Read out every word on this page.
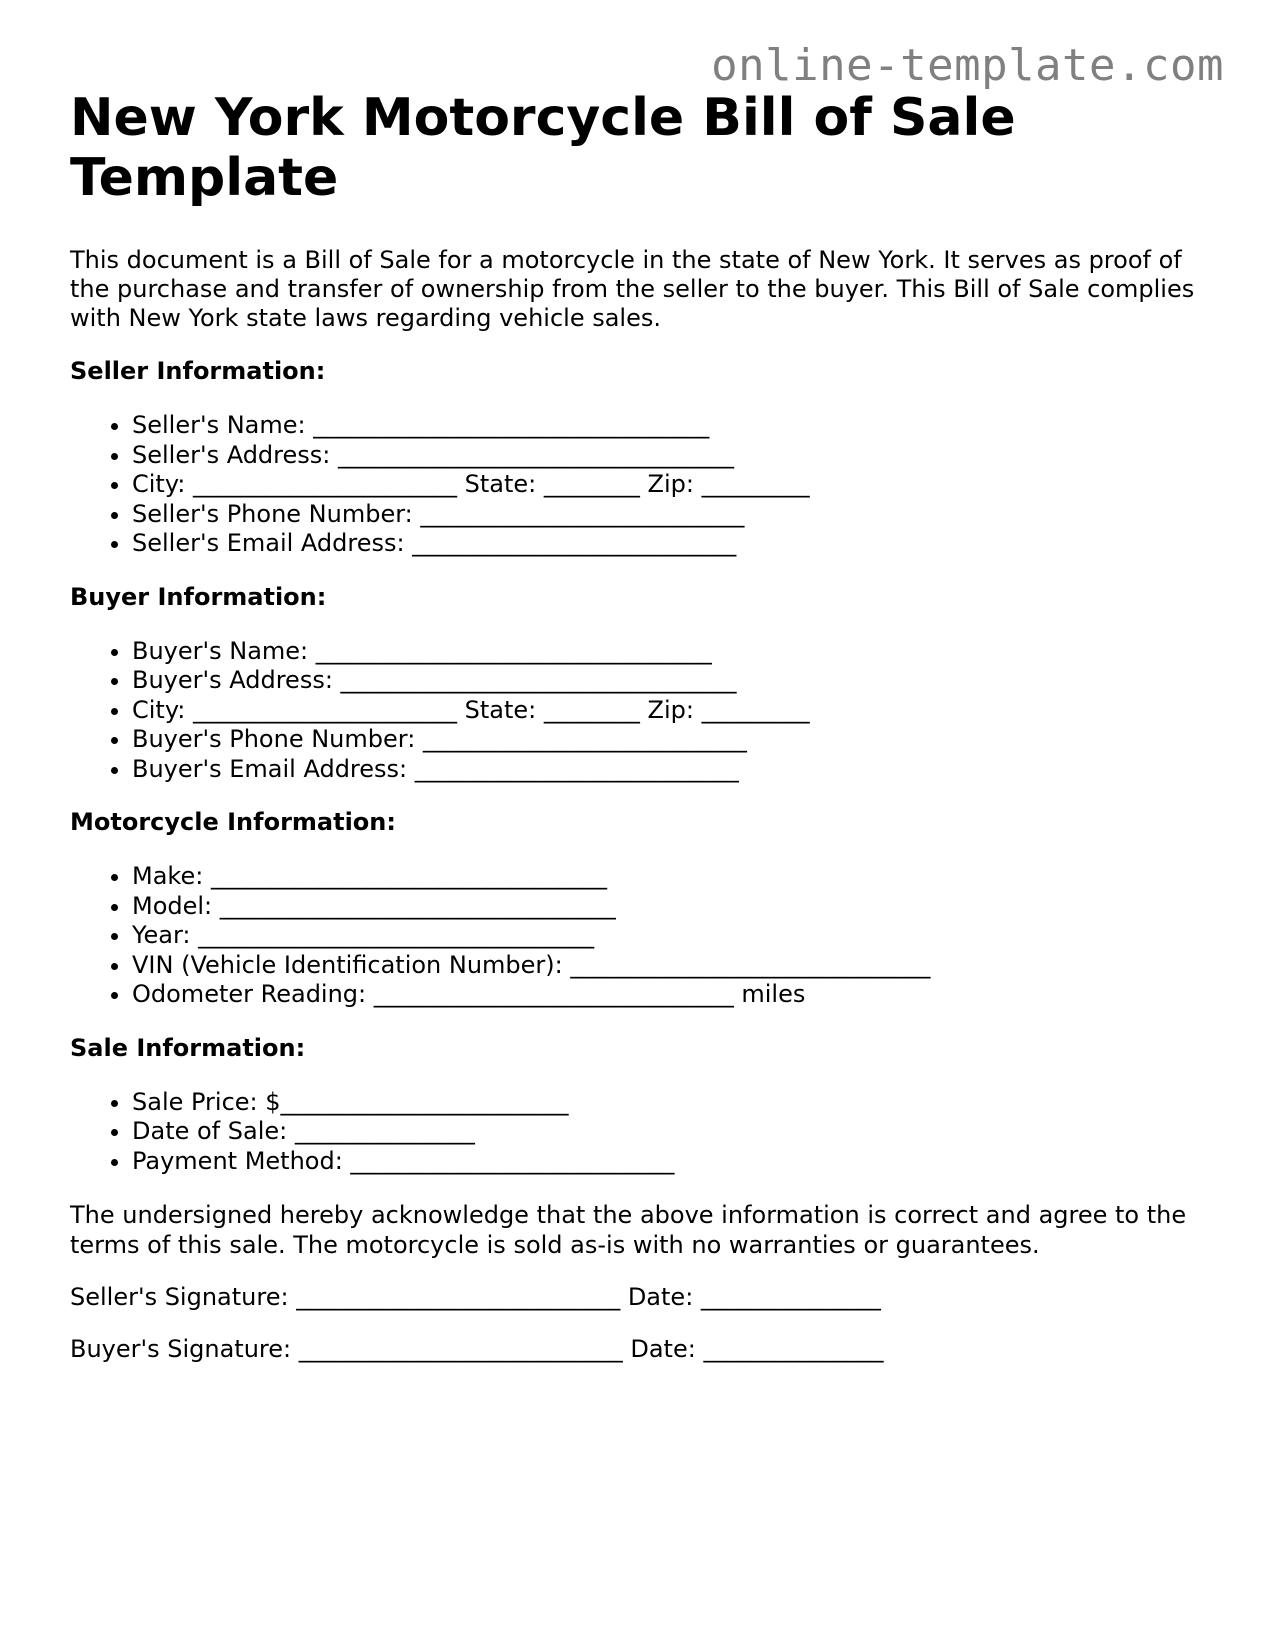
online-template.com
New York Motorcycle Bill of Sale Template

This document is a Bill of Sale for a motorcycle in the state of New York. It serves as proof of the purchase and transfer of ownership from the seller to the buyer. This Bill of Sale complies with New York state laws regarding vehicle sales.

Seller Information:
• Seller's Name: _________________________________
• Seller's Address: _________________________________
• City: ______________________ State: ________ Zip: _________
• Seller's Phone Number: ___________________________
• Seller's Email Address: ___________________________
Buyer Information:
• Buyer's Name: _________________________________
• Buyer's Address: _________________________________
• City: ______________________ State: ________ Zip: _________
• Buyer's Phone Number: ___________________________
• Buyer's Email Address: ___________________________
Motorcycle Information:
• Make: _________________________________
• Model: _________________________________
• Year: _________________________________
• VIN (Vehicle Identification Number): ______________________________
• Odometer Reading: ______________________________ miles
Sale Information:
• Sale Price: $________________________
• Date of Sale: _______________
• Payment Method: ___________________________

The undersigned hereby acknowledge that the above information is correct and agree to the terms of this sale. The motorcycle is sold as-is with no warranties or guarantees.

Seller's Signature: ___________________________ Date: _______________

Buyer's Signature: ___________________________ Date: _______________
